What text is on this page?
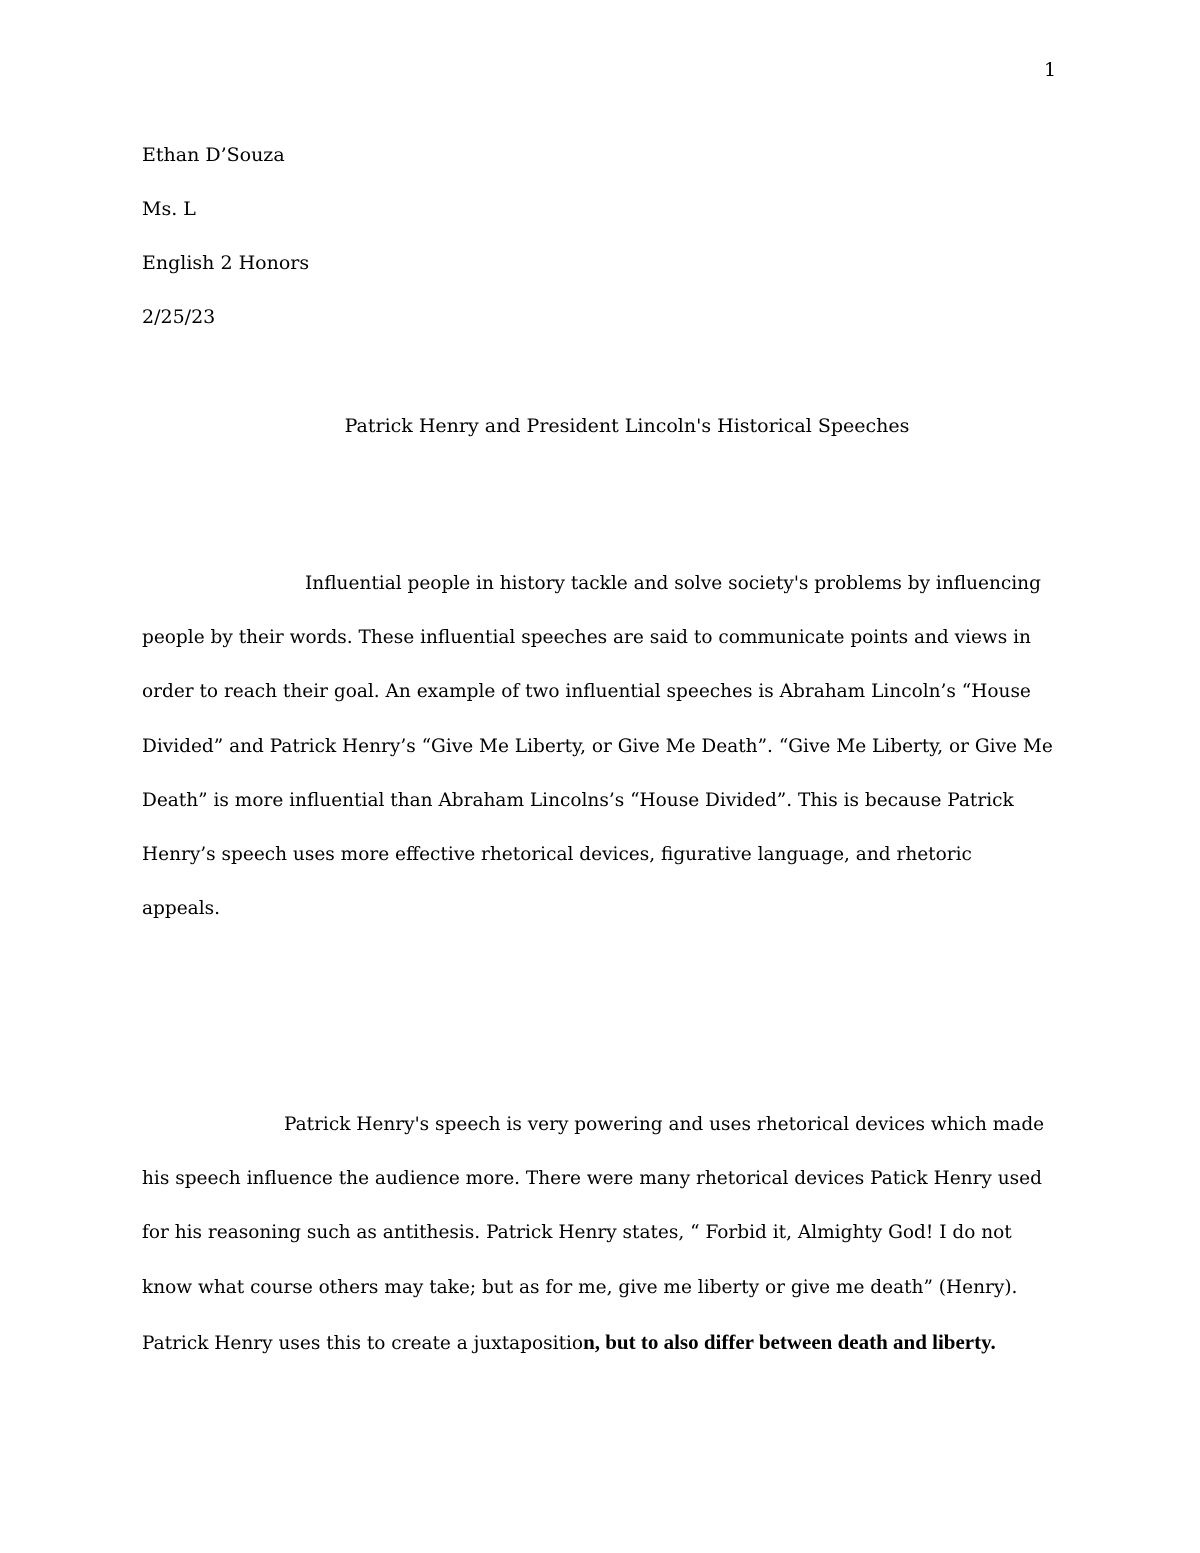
1
Ethan D’Souza
Ms. L
English 2 Honors
2/25/23
Patrick Henry and President Lincoln's Historical Speeches

Influential people in history tackle and solve society's problems by influencing people by their words. These influential speeches are said to communicate points and views in order to reach their goal. An example of two influential speeches is Abraham Lincoln’s “House Divided” and Patrick Henry’s “Give Me Liberty, or Give Me Death”. “Give Me Liberty, or Give Me Death” is more influential than Abraham Lincolns’s “House Divided”. This is because Patrick Henry’s speech uses more effective rhetorical devices, figurative language, and rhetoric appeals.

Patrick Henry's speech is very powering and uses rhetorical devices which made his speech influence the audience more. There were many rhetorical devices Patick Henry used for his reasoning such as antithesis. Patrick Henry states, “ Forbid it, Almighty God! I do not know what course others may take; but as for me, give me liberty or give me death” (Henry). Patrick Henry uses this to create a juxtaposition, but to also differ between death and liberty.
